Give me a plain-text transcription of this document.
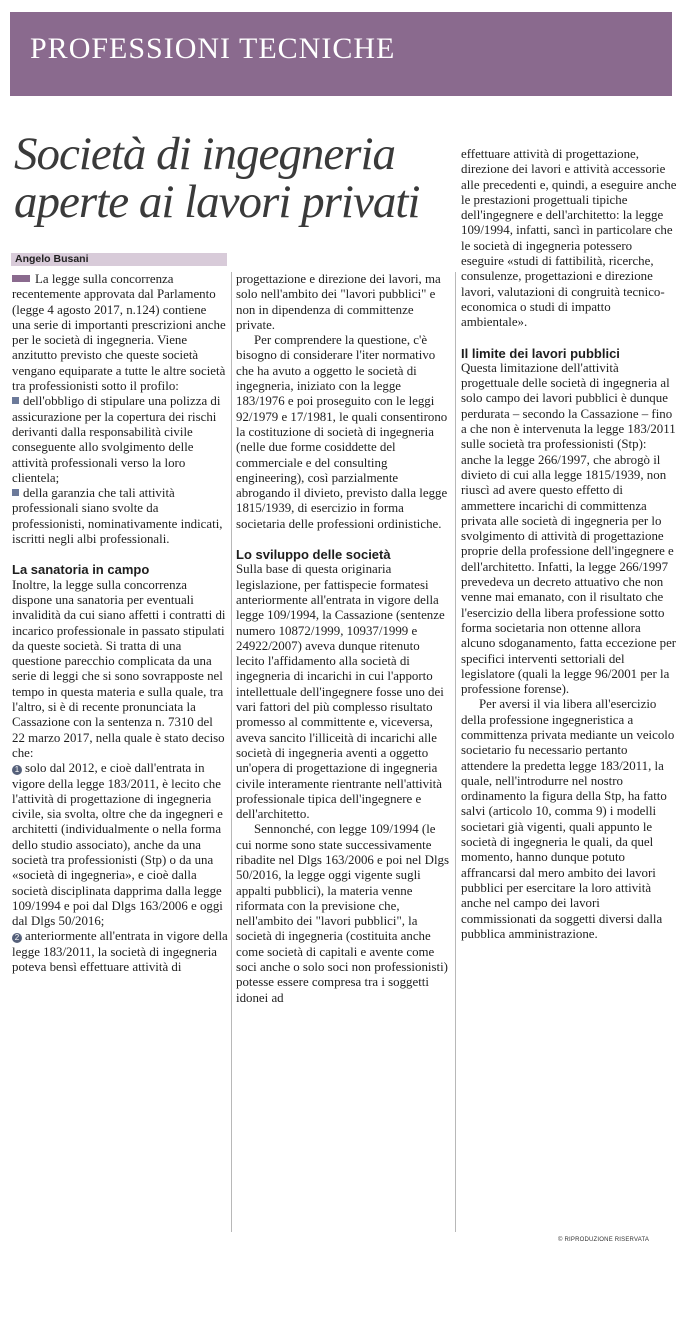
PROFESSIONI TECNICHE
Società di ingegneria
aperte ai lavori privati
Angelo Busani

La legge sulla concorrenza recentemente approvata dal Parlamento (legge 4 agosto 2017, n.124) contiene una serie di importanti prescrizioni anche per le società di ingegneria. Viene anzitutto previsto che queste società vengano equiparate a tutte le altre società tra professionisti sotto il profilo:

dell'obbligo di stipulare una polizza di assicurazione per la copertura dei rischi derivanti dalla responsabilità civile conseguente allo svolgimento delle attività professionali verso la loro clientela;

della garanzia che tali attività professionali siano svolte da professionisti, nominativamente indicati, iscritti negli albi professionali.

La sanatoria in campo

Inoltre, la legge sulla concorrenza dispone una sanatoria per eventuali invalidità da cui siano affetti i contratti di incarico professionale in passato stipulati da queste società. Si tratta di una questione parecchio complicata da una serie di leggi che si sono sovrapposte nel tempo in questa materia e sulla quale, tra l'altro, si è di recente pronunciata la Cassazione con la sentenza n. 7310 del 22 marzo 2017, nella quale è stato deciso che:

1 solo dal 2012, e cioè dall'entrata in vigore della legge 183/2011, è lecito che l'attività di progettazione di ingegneria civile, sia svolta, oltre che da ingegneri e architetti (individualmente o nella forma dello studio associato), anche da una società tra professionisti (Stp) o da una «società di ingegneria», e cioè dalla società disciplinata dapprima dalla legge 109/1994 e poi dal Dlgs 163/2006 e oggi dal Dlgs 50/2016;

2 anteriormente all'entrata in vigore della legge 183/2011, la società di ingegneria poteva bensì effettuare attività di

progettazione e direzione dei lavori, ma solo nell'ambito dei "lavori pubblici" e non in dipendenza di committenze private.

Per comprendere la questione, c'è bisogno di considerare l'iter normativo che ha avuto a oggetto le società di ingegneria, iniziato con la legge 183/1976 e poi proseguito con le leggi 92/1979 e 17/1981, le quali consentirono la costituzione di società di ingegneria (nelle due forme cosiddette del commerciale e del consulting engineering), così parzialmente abrogando il divieto, previsto dalla legge 1815/1939, di esercizio in forma societaria delle professioni ordinistiche.

Lo sviluppo delle società

Sulla base di questa originaria legislazione, per fattispecie formatesi anteriormente all'entrata in vigore della legge 109/1994, la Cassazione (sentenze numero 10872/1999, 10937/1999 e 24922/2007) aveva dunque ritenuto lecito l'affidamento alla società di ingegneria di incarichi in cui l'apporto intellettuale dell'ingegnere fosse uno dei vari fattori del più complesso risultato promesso al committente e, viceversa, aveva sancito l'illiceità di incarichi alle società di ingegneria aventi a oggetto un'opera di progettazione di ingegneria civile interamente rientrante nell'attività professionale tipica dell'ingegnere e dell'architetto.

Sennonché, con legge 109/1994 (le cui norme sono state successivamente ribadite nel Dlgs 163/2006 e poi nel Dlgs 50/2016, la legge oggi vigente sugli appalti pubblici), la materia venne riformata con la previsione che, nell'ambito dei "lavori pubblici", la società di ingegneria (costituita anche come società di capitali e avente come soci anche o solo soci non professionisti) potesse essere compresa tra i soggetti idonei ad

effettuare attività di progettazione, direzione dei lavori e attività accessorie alle precedenti e, quindi, a eseguire anche le prestazioni progettuali tipiche dell'ingegnere e dell'architetto: la legge 109/1994, infatti, sancì in particolare che le società di ingegneria potessero eseguire «studi di fattibilità, ricerche, consulenze, progettazioni e direzione lavori, valutazioni di congruità tecnico-economica o studi di impatto ambientale».

Il limite dei lavori pubblici

Questa limitazione dell'attività progettuale delle società di ingegneria al solo campo dei lavori pubblici è dunque perdurata – secondo la Cassazione – fino a che non è intervenuta la legge 183/2011 sulle società tra professionisti (Stp): anche la legge 266/1997, che abrogò il divieto di cui alla legge 1815/1939, non riuscì ad avere questo effetto di ammettere incarichi di committenza privata alle società di ingegneria per lo svolgimento di attività di progettazione proprie della professione dell'ingegnere e dell'architetto. Infatti, la legge 266/1997 prevedeva un decreto attuativo che non venne mai emanato, con il risultato che l'esercizio della libera professione sotto forma societaria non ottenne allora alcuno sdoganamento, fatta eccezione per specifici interventi settoriali del legislatore (quali la legge 96/2001 per la professione forense).

Per aversi il via libera all'esercizio della professione ingegneristica a committenza privata mediante un veicolo societario fu necessario pertanto attendere la predetta legge 183/2011, la quale, nell'introdurre nel nostro ordinamento la figura della Stp, ha fatto salvi (articolo 10, comma 9) i modelli societari già vigenti, quali appunto le società di ingegneria le quali, da quel momento, hanno dunque potuto affrancarsi dal mero ambito dei lavori pubblici per esercitare la loro attività anche nel campo dei lavori commissionati da soggetti diversi dalla pubblica amministrazione.

© RIPRODUZIONE RISERVATA
